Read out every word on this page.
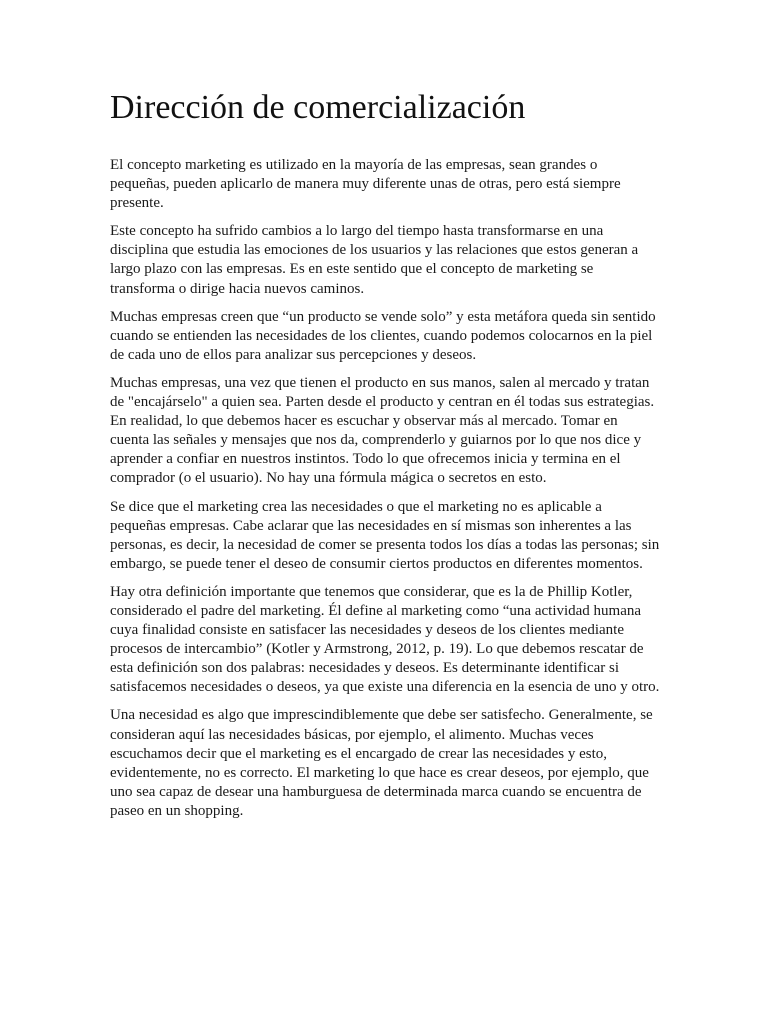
Dirección de comercialización

El concepto marketing es utilizado en la mayoría de las empresas, sean grandes o pequeñas, pueden aplicarlo de manera muy diferente unas de otras, pero está siempre presente.

Este concepto ha sufrido cambios a lo largo del tiempo hasta transformarse en una disciplina que estudia las emociones de los usuarios y las relaciones que estos generan a largo plazo con las empresas. Es en este sentido que el concepto de marketing se transforma o dirige hacia nuevos caminos.

Muchas empresas creen que “un producto se vende solo” y esta metáfora queda sin sentido cuando se entienden las necesidades de los clientes, cuando podemos colocarnos en la piel de cada uno de ellos para analizar sus percepciones y deseos.

Muchas empresas, una vez que tienen el producto en sus manos, salen al mercado y tratan de "encajárselo" a quien sea. Parten desde el producto y centran en él todas sus estrategias. En realidad, lo que debemos hacer es escuchar y observar más al mercado. Tomar en cuenta las señales y mensajes que nos da, comprenderlo y guiarnos por lo que nos dice y aprender a confiar en nuestros instintos. Todo lo que ofrecemos inicia y termina en el comprador (o el usuario). No hay una fórmula mágica o secretos en esto.

Se dice que el marketing crea las necesidades o que el marketing no es aplicable a pequeñas empresas. Cabe aclarar que las necesidades en sí mismas son inherentes a las personas, es decir, la necesidad de comer se presenta todos los días a todas las personas; sin embargo, se puede tener el deseo de consumir ciertos productos en diferentes momentos.

Hay otra definición importante que tenemos que considerar, que es la de Phillip Kotler, considerado el padre del marketing. Él define al marketing como “una actividad humana cuya finalidad consiste en satisfacer las necesidades y deseos de los clientes mediante procesos de intercambio” (Kotler y Armstrong, 2012, p. 19). Lo que debemos rescatar de esta definición son dos palabras: necesidades y deseos. Es determinante identificar si satisfacemos necesidades o deseos, ya que existe una diferencia en la esencia de uno y otro.

Una necesidad es algo que imprescindiblemente que debe ser satisfecho. Generalmente, se consideran aquí las necesidades básicas, por ejemplo, el alimento. Muchas veces escuchamos decir que el marketing es el encargado de crear las necesidades y esto, evidentemente, no es correcto. El marketing lo que hace es crear deseos, por ejemplo, que uno sea capaz de desear una hamburguesa de determinada marca cuando se encuentra de paseo en un shopping.
